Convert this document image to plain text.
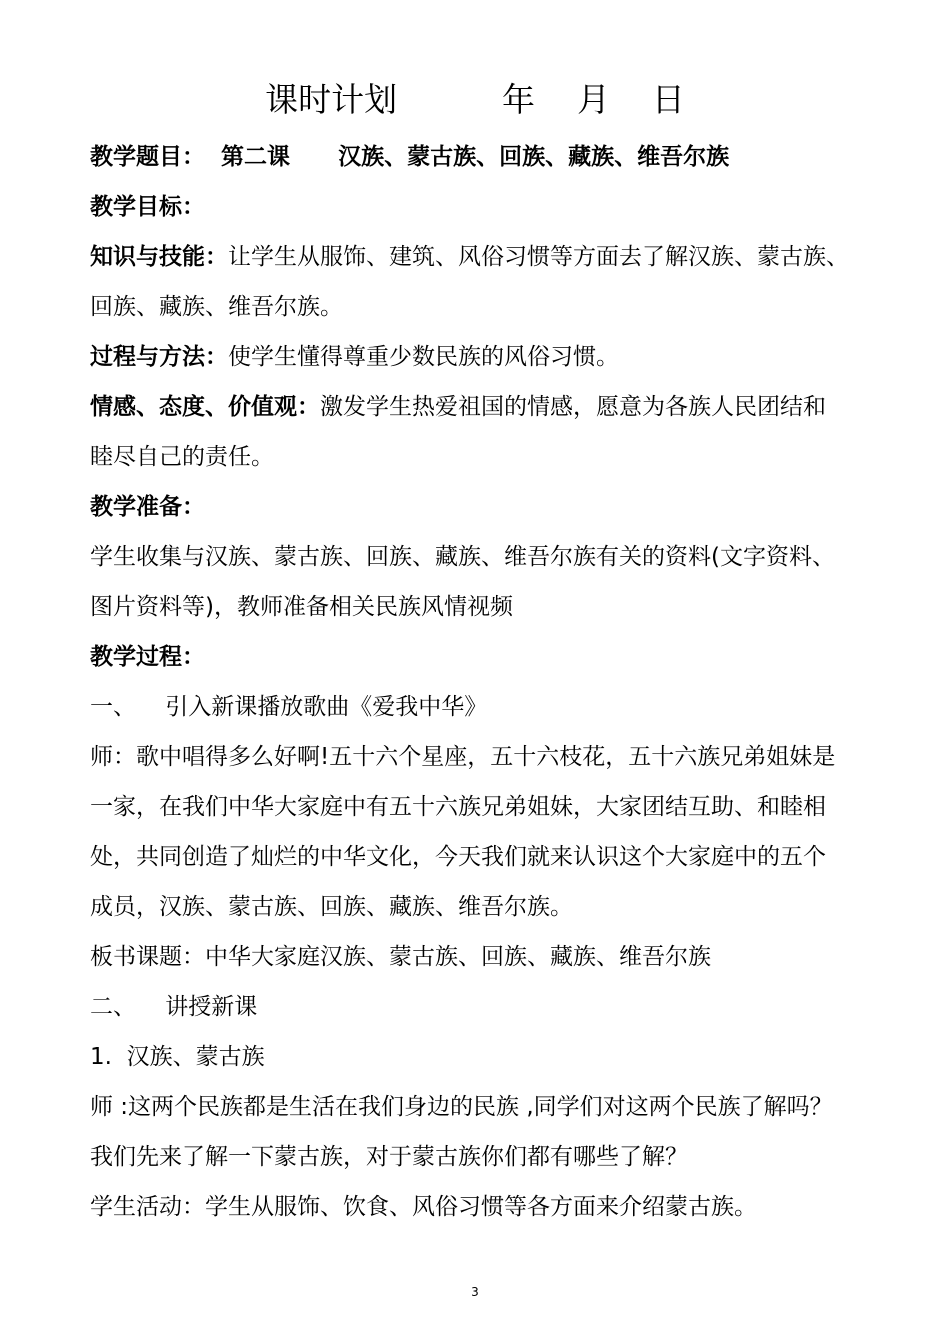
课时计划	年    月    日
教学题目： 第二课 汉族、蒙古族、回族、藏族、维吾尔族
教学目标：
知识与技能：让学生从服饰、建筑、风俗习惯等方面去了解汉族、蒙古族、
回族、藏族、维吾尔族。
过程与方法：使学生懂得尊重少数民族的风俗习惯。
情感、态度、价值观：激发学生热爱祖国的情感，愿意为各族人民团结和
睦尽自己的责任。
教学准备：
学生收集与汉族、蒙古族、回族、藏族、维吾尔族有关的资料(文字资料、
图片资料等)，教师准备相关民族风情视频
教学过程：
一、 引入新课播放歌曲《爱我中华》
师：歌中唱得多么好啊!五十六个星座，五十六枝花，五十六族兄弟姐妹是
一家，在我们中华大家庭中有五十六族兄弟姐妹，大家团结互助、和睦相
处，共同创造了灿烂的中华文化，今天我们就来认识这个大家庭中的五个
成员，汉族、蒙古族、回族、藏族、维吾尔族。
板书课题：中华大家庭汉族、蒙古族、回族、藏族、维吾尔族
二、 讲授新课
1. 汉族、蒙古族
师 :这两个民族都是生活在我们身边的民族 ,同学们对这两个民族了解吗？
我们先来了解一下蒙古族，对于蒙古族你们都有哪些了解？
学生活动：学生从服饰、饮食、风俗习惯等各方面来介绍蒙古族。
3
